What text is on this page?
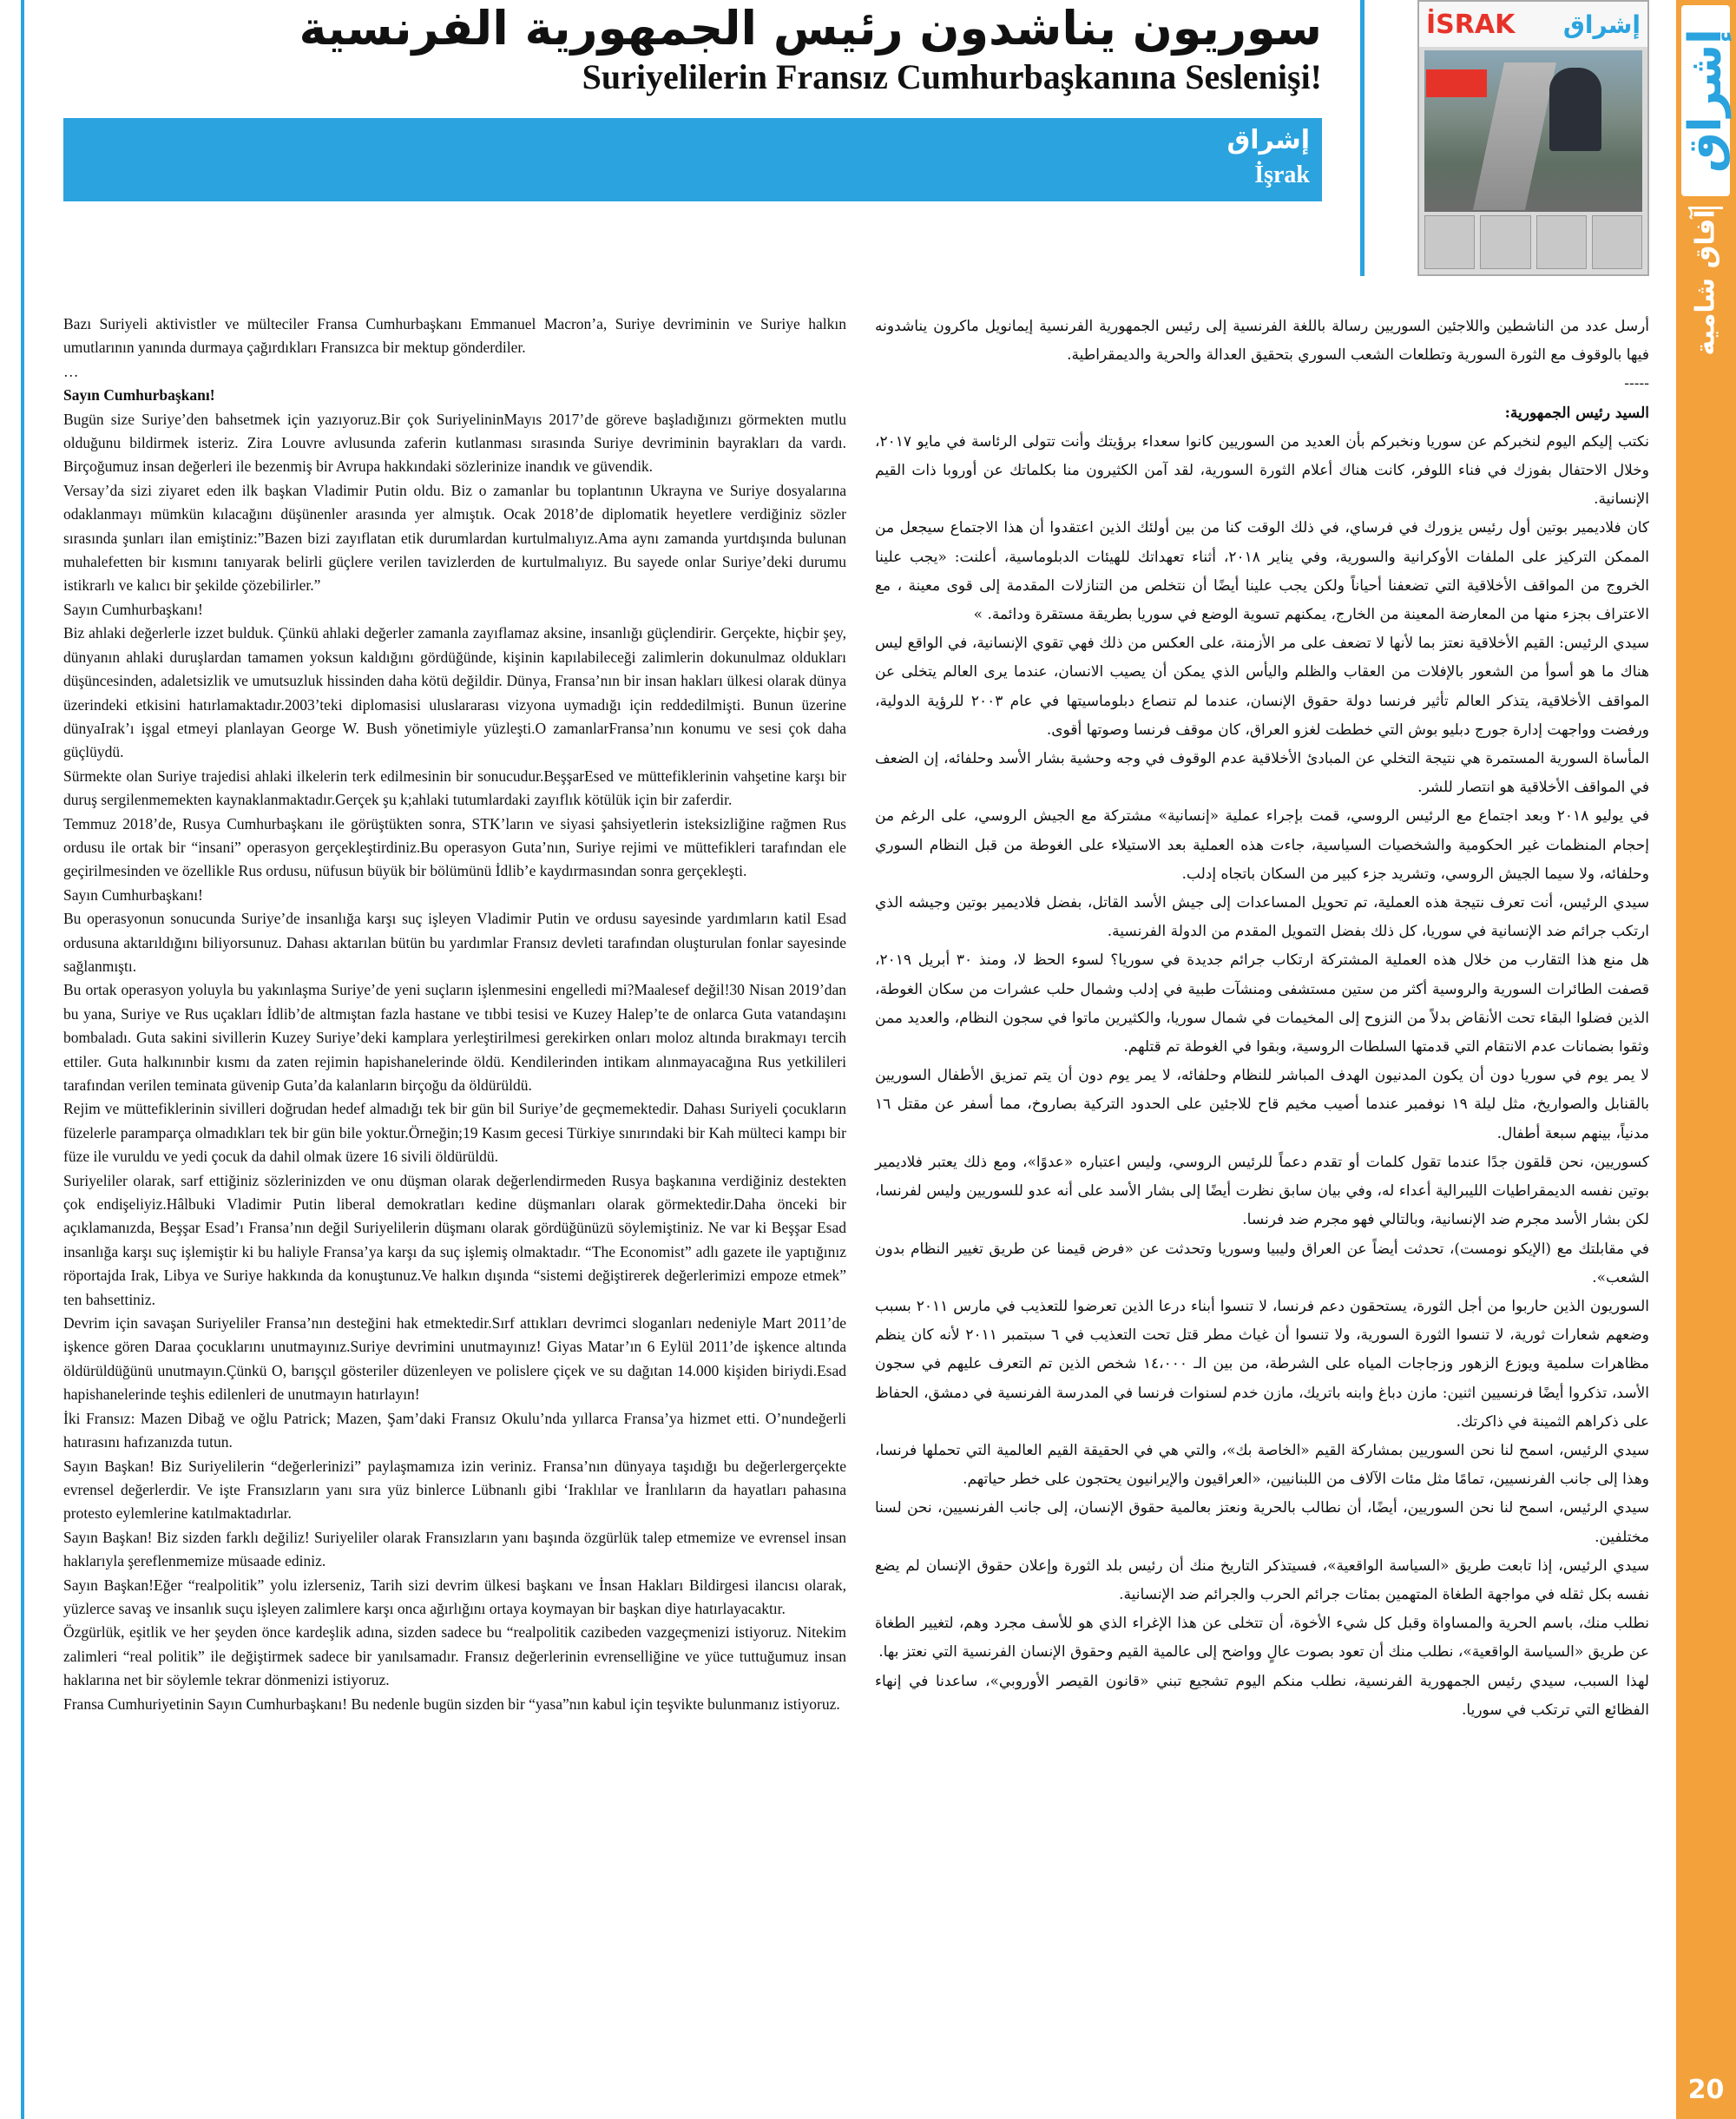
سوريون يناشدون رئيس الجمهورية الفرنسية
Suriyelilerin Fransız Cumhurbaşkanına Seslenişi!
إشراق
İşrak
İSRAK إشراق
إشراق
آفاق شامية
20

Bazı Suriyeli aktivistler ve mülteciler Fransa Cumhurbaşkanı Emmanuel Macron’a, Suriye devriminin ve Suriye halkın umutlarının yanında durmaya çağırdıkları Fransızca bir mektup gönderdiler.

…

Sayın Cumhurbaşkanı!

Bugün size Suriye’den bahsetmek için yazıyoruz.Bir çok SuriyelininMayıs 2017’de göreve başladığınızı görmekten mutlu olduğunu bildirmek isteriz. Zira Louvre avlusunda zaferin kutlanması sırasında Suriye devriminin bayrakları da vardı. Birçoğumuz insan değerleri ile bezenmiş bir Avrupa hakkındaki sözlerinize inandık ve güvendik.

Versay’da sizi ziyaret eden ilk başkan Vladimir Putin oldu. Biz o zamanlar bu toplantının Ukrayna ve Suriye dosyalarına odaklanmayı mümkün kılacağını düşünenler arasında yer almıştık. Ocak 2018’de diplomatik heyetlere verdiğiniz sözler sırasında şunları ilan emiştiniz:”Bazen bizi zayıflatan etik durumlardan kurtulmalıyız.Ama aynı zamanda yurtdışında bulunan muhalefetten bir kısmını tanıyarak belirli güçlere verilen tavizlerden de kurtulmalıyız. Bu sayede onlar Suriye’deki durumu istikrarlı ve kalıcı bir şekilde çözebilirler.”

Sayın Cumhurbaşkanı!

Biz ahlaki değerlerle izzet bulduk. Çünkü ahlaki değerler zamanla zayıflamaz aksine, insanlığı güçlendirir. Gerçekte, hiçbir şey, dünyanın ahlaki duruşlardan tamamen yoksun kaldığını gördüğünde, kişinin kapılabileceği zalimlerin dokunulmaz oldukları düşüncesinden, adaletsizlik ve umutsuzluk hissinden daha kötü değildir. Dünya, Fransa’nın bir insan hakları ülkesi olarak dünya üzerindeki etkisini hatırlamaktadır.2003’teki diplomasisi uluslararası vizyona uymadığı için reddedilmişti. Bunun üzerine dünyaIrak’ı işgal etmeyi planlayan George W. Bush yönetimiyle yüzleşti.O zamanlarFransa’nın konumu ve sesi çok daha güçlüydü.

Sürmekte olan Suriye trajedisi ahlaki ilkelerin terk edilmesinin bir sonucudur.BeşşarEsed ve müttefiklerinin vahşetine karşı bir duruş sergilenmemekten kaynaklanmaktadır.Gerçek şu k;ahlaki tutumlardaki zayıflık kötülük için bir zaferdir.

Temmuz 2018’de, Rusya Cumhurbaşkanı ile görüştükten sonra, STK’ların ve siyasi şahsiyetlerin isteksizliğine rağmen Rus ordusu ile ortak bir “insani” operasyon gerçekleştirdiniz.Bu operasyon Guta’nın, Suriye rejimi ve müttefikleri tarafından ele geçirilmesinden ve özellikle Rus ordusu, nüfusun büyük bir bölümünü İdlib’e kaydırmasından sonra gerçekleşti.

Sayın Cumhurbaşkanı!

Bu operasyonun sonucunda Suriye’de insanlığa karşı suç işleyen Vladimir Putin ve ordusu sayesinde yardımların katil Esad ordusuna aktarıldığını biliyorsunuz. Dahası aktarılan bütün bu yardımlar Fransız devleti tarafından oluşturulan fonlar sayesinde sağlanmıştı.

Bu ortak operasyon yoluyla bu yakınlaşma Suriye’de yeni suçların işlenmesini engelledi mi?Maalesef değil!30 Nisan 2019’dan bu yana, Suriye ve Rus uçakları İdlib’de altmıştan fazla hastane ve tıbbi tesisi ve Kuzey Halep’te de onlarca Guta vatandaşını bombaladı. Guta sakini sivillerin Kuzey Suriye’deki kamplara yerleştirilmesi gerekirken onları moloz altında bırakmayı tercih ettiler. Guta halkınınbir kısmı da zaten rejimin hapishanelerinde öldü. Kendilerinden intikam alınmayacağına Rus yetkilileri tarafından verilen teminata güvenip Guta’da kalanların birçoğu da öldürüldü.

Rejim ve müttefiklerinin sivilleri doğrudan hedef almadığı tek bir gün bil Suriye’de geçmemektedir. Dahası Suriyeli çocukların füzelerle paramparça olmadıkları tek bir gün bile yoktur.Örneğin;19 Kasım gecesi Türkiye sınırındaki bir Kah mülteci kampı bir füze ile vuruldu ve yedi çocuk da dahil olmak üzere 16 sivili öldürüldü.

Suriyeliler olarak, sarf ettiğiniz sözlerinizden ve onu düşman olarak değerlendirmeden Rusya başkanına verdiğiniz destekten çok endişeliyiz.Hâlbuki Vladimir Putin liberal demokratları kedine düşmanları olarak görmektedir.Daha önceki bir açıklamanızda, Beşşar Esad’ı Fransa’nın değil Suriyelilerin düşmanı olarak gördüğünüzü söylemiştiniz. Ne var ki Beşşar Esad insanlığa karşı suç işlemiştir ki bu haliyle Fransa’ya karşı da suç işlemiş olmaktadır. “The Economist” adlı gazete ile yaptığınız röportajda Irak, Libya ve Suriye hakkında da konuştunuz.Ve halkın dışında “sistemi değiştirerek değerlerimizi empoze etmek” ten bahsettiniz.

Devrim için savaşan Suriyeliler Fransa’nın desteğini hak etmektedir.Sırf attıkları devrimci sloganları nedeniyle Mart 2011’de işkence gören Daraa çocuklarını unutmayınız.Suriye devrimini unutmayınız! Giyas Matar’ın 6 Eylül 2011’de işkence altında öldürüldüğünü unutmayın.Çünkü O, barışçıl gösteriler düzenleyen ve polislere çiçek ve su dağıtan 14.000 kişiden biriydi.Esad hapishanelerinde teşhis edilenleri de unutmayın hatırlayın!

İki Fransız: Mazen Dibağ ve oğlu Patrick; Mazen, Şam’daki Fransız Okulu’nda yıllarca Fransa’ya hizmet etti. O’nundeğerli hatırasını hafızanızda tutun.

Sayın Başkan! Biz Suriyelilerin “değerlerinizi” paylaşmamıza izin veriniz. Fransa’nın dünyaya taşıdığı bu değerlergerçekte evrensel değerlerdir. Ve işte Fransızların yanı sıra yüz binlerce Lübnanlı gibi ‘Iraklılar ve İranlıların da hayatları pahasına protesto eylemlerine katılmaktadırlar.

Sayın Başkan! Biz sizden farklı değiliz! Suriyeliler olarak Fransızların yanı başında özgürlük talep etmemize ve evrensel insan haklarıyla şereflenmemize müsaade ediniz.

Sayın Başkan!Eğer “realpolitik” yolu izlerseniz, Tarih sizi devrim ülkesi başkanı ve İnsan Hakları Bildirgesi ilancısı olarak, yüzlerce savaş ve insanlık suçu işleyen zalimlere karşı onca ağırlığını ortaya koymayan bir başkan diye hatırlayacaktır.

Özgürlük, eşitlik ve her şeyden önce kardeşlik adına, sizden sadece bu “realpolitik cazibeden vazgeçmenizi istiyoruz. Nitekim zalimleri “real politik” ile değiştirmek sadece bir yanılsamadır. Fransız değerlerinin evrenselliğine ve yüce tuttuğumuz insan haklarına net bir söylemle tekrar dönmenizi istiyoruz.

Fransa Cumhuriyetinin Sayın Cumhurbaşkanı! Bu nedenle bugün sizden bir “yasa”nın kabul için teşvikte bulunmanız istiyoruz.

أرسل عدد من الناشطين واللاجئين السوريين رسالة باللغة الفرنسية إلى رئيس الجمهورية الفرنسية إيمانويل ماكرون يناشدونه فيها بالوقوف مع الثورة السورية وتطلعات الشعب السوري بتحقيق العدالة والحرية والديمقراطية.

-----

السيد رئيس الجمهورية:

نكتب إليكم اليوم لنخبركم عن سوريا ونخبركم بأن العديد من السوريين كانوا سعداء برؤيتك وأنت تتولى الرئاسة في مايو ٢٠١٧، وخلال الاحتفال بفوزك في فناء اللوفر، كانت هناك أعلام الثورة السورية، لقد آمن الكثيرون منا بكلماتك عن أوروبا ذات القيم الإنسانية.

كان فلاديمير بوتين أول رئيس يزورك في فرساي، في ذلك الوقت كنا من بين أولئك الذين اعتقدوا أن هذا الاجتماع سيجعل من الممكن التركيز على الملفات الأوكرانية والسورية، وفي يناير ٢٠١٨، أثناء تعهداتك للهيئات الدبلوماسية، أعلنت: «يجب علينا الخروج من المواقف الأخلاقية التي تضعفنا أحياناً ولكن يجب علينا أيضًا أن نتخلص من التنازلات المقدمة إلى قوى معينة ، مع الاعتراف بجزء منها من المعارضة المعينة من الخارج، يمكنهم تسوية الوضع في سوريا بطريقة مستقرة ودائمة. »

سيدي الرئيس: القيم الأخلاقية نعتز بما لأنها لا تضعف على مر الأزمنة، على العكس من ذلك فهي تقوي الإنسانية، في الواقع ليس هناك ما هو أسوأ من الشعور بالإفلات من العقاب والظلم واليأس الذي يمكن أن يصيب الانسان، عندما يرى العالم يتخلى عن المواقف الأخلاقية، يتذكر العالم تأثير فرنسا دولة حقوق الإنسان، عندما لم تنصاع دبلوماسيتها في عام ٢٠٠٣ للرؤية الدولية، ورفضت وواجهت إدارة جورج دبليو بوش التي خططت لغزو العراق، كان موقف فرنسا وصوتها أقوى.

المأساة السورية المستمرة هي نتيجة التخلي عن المبادئ الأخلاقية عدم الوقوف في وجه وحشية بشار الأسد وحلفائه، إن الضعف في المواقف الأخلاقية هو انتصار للشر.

في يوليو ٢٠١٨ وبعد اجتماع مع الرئيس الروسي، قمت بإجراء عملية «إنسانية» مشتركة مع الجيش الروسي، على الرغم من إحجام المنظمات غير الحكومية والشخصيات السياسية، جاءت هذه العملية بعد الاستيلاء على الغوطة من قبل النظام السوري وحلفائه، ولا سيما الجيش الروسي، وتشريد جزء كبير من السكان باتجاه إدلب.

سيدي الرئيس، أنت تعرف نتيجة هذه العملية، تم تحويل المساعدات إلى جيش الأسد القاتل، بفضل فلاديمير بوتين وجيشه الذي ارتكب جرائم ضد الإنسانية في سوريا، كل ذلك بفضل التمويل المقدم من الدولة الفرنسية.

هل منع هذا التقارب من خلال هذه العملية المشتركة ارتكاب جرائم جديدة في سوريا؟ لسوء الحظ لا، ومنذ ٣٠ أبريل ٢٠١٩، قصفت الطائرات السورية والروسية أكثر من ستين مستشفى ومنشآت طبية في إدلب وشمال حلب عشرات من سكان الغوطة، الذين فضلوا البقاء تحت الأنقاض بدلاً من النزوح إلى المخيمات في شمال سوريا، والكثيرين ماتوا في سجون النظام، والعديد ممن وثقوا بضمانات عدم الانتقام التي قدمتها السلطات الروسية، وبقوا في الغوطة تم قتلهم.

لا يمر يوم في سوريا دون أن يكون المدنيون الهدف المباشر للنظام وحلفائه، لا يمر يوم دون أن يتم تمزيق الأطفال السوريين بالقنابل والصواريخ، مثل ليلة ١٩ نوفمبر عندما أصيب مخيم قاح للاجئين على الحدود التركية بصاروخ، مما أسفر عن مقتل ١٦ مدنياً، بينهم سبعة أطفال.

كسوريين، نحن قلقون جدًا عندما تقول كلمات أو تقدم دعماً للرئيس الروسي، وليس اعتباره «عدوًا»، ومع ذلك يعتبر فلاديمير بوتين نفسه الديمقراطيات الليبرالية أعداء له، وفي بيان سابق نظرت أيضًا إلى بشار الأسد على أنه عدو للسوريين وليس لفرنسا، لكن بشار الأسد مجرم ضد الإنسانية، وبالتالي فهو مجرم ضد فرنسا.

في مقابلتك مع (الإيكو نومست)، تحدثت أيضاً عن العراق وليبيا وسوريا وتحدثت عن «فرض قيمنا عن طريق تغيير النظام بدون الشعب».

السوريون الذين حاربوا من أجل الثورة، يستحقون دعم فرنسا، لا تنسوا أبناء درعا الذين تعرضوا للتعذيب في مارس ٢٠١١ بسبب وضعهم شعارات ثورية، لا تنسوا الثورة السورية، ولا تنسوا أن غياث مطر قتل تحت التعذيب في ٦ سبتمبر ٢٠١١ لأنه كان ينظم مظاهرات سلمية ويوزع الزهور وزجاجات المياه على الشرطة، من بين الـ ١٤،٠٠٠ شخص الذين تم التعرف عليهم في سجون الأسد، تذكروا أيضًا فرنسيين اثنين: مازن دباغ وابنه باتريك، مازن خدم لسنوات فرنسا في المدرسة الفرنسية في دمشق، الحفاظ على ذكراهم الثمينة في ذاكرتك.

سيدي الرئيس، اسمح لنا نحن السوريين بمشاركة القيم «الخاصة بك»، والتي هي في الحقيقة القيم العالمية التي تحملها فرنسا، وهذا إلى جانب الفرنسيين، تمامًا مثل مئات الآلاف من اللبنانيين، «العراقيون والإيرانيون يحتجون على خطر حياتهم.

سيدي الرئيس، اسمح لنا نحن السوريين، أيضًا، أن نطالب بالحرية ونعتز بعالمية حقوق الإنسان، إلى جانب الفرنسيين، نحن لسنا مختلفين.

سيدي الرئيس، إذا تابعت طريق «السياسة الواقعية»، فسيتذكر التاريخ منك أن رئيس بلد الثورة وإعلان حقوق الإنسان لم يضع نفسه بكل ثقله في مواجهة الطغاة المتهمين بمئات جرائم الحرب والجرائم ضد الإنسانية.

نطلب منك، باسم الحرية والمساواة وقبل كل شيء الأخوة، أن تتخلى عن هذا الإغراء الذي هو للأسف مجرد وهم، لتغيير الطغاة عن طريق «السياسة الواقعية»، نطلب منك أن تعود بصوت عالٍ وواضح إلى عالمية القيم وحقوق الإنسان الفرنسية التي نعتز بها.

لهذا السبب، سيدي رئيس الجمهورية الفرنسية، نطلب منكم اليوم تشجيع تبني «قانون القيصر الأوروبي»، ساعدنا في إنهاء الفظائع التي ترتكب في سوريا.
